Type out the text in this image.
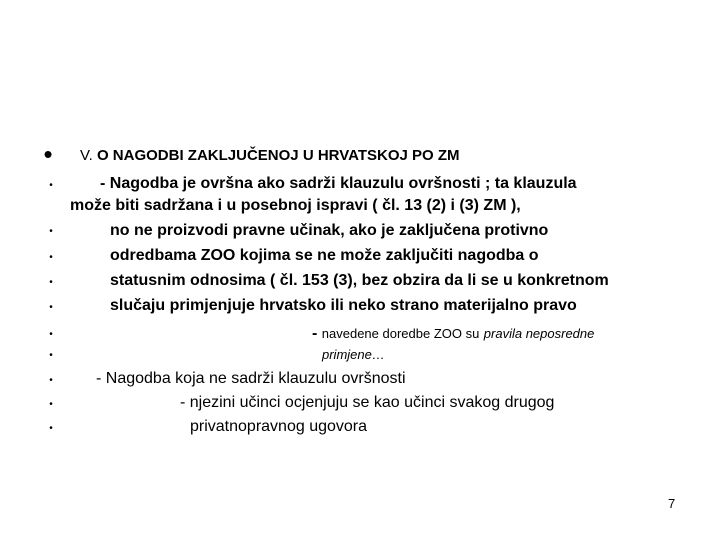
• V. O NAGODBI ZAKLJUČENOJ U HRVATSKOJ PO ZM
•	- Nagodba je ovršna ako sadrži klauzulu ovršnosti ; ta klauzula
može biti sadržana i u posebnoj ispravi ( čl. 13 (2) i (3) ZM ),
•	no ne proizvodi pravne učinak, ako je zaključena protivno
•	odredbama ZOO kojima se ne može zaključiti nagodba o
•	statusnim odnosima ( čl. 153 (3), bez obzira da li se u konkretnom
•	slučaju primjenjuje hrvatsko ili neko strano materijalno pravo
•	- navedene doredbe ZOO su pravila neposredne
•	primjene…
•	- Nagodba koja ne sadrži klauzulu ovršnosti
•	- njezini učinci ocjenjuju se kao učinci svakog drugog
•	privatnopravnog ugovora
7
